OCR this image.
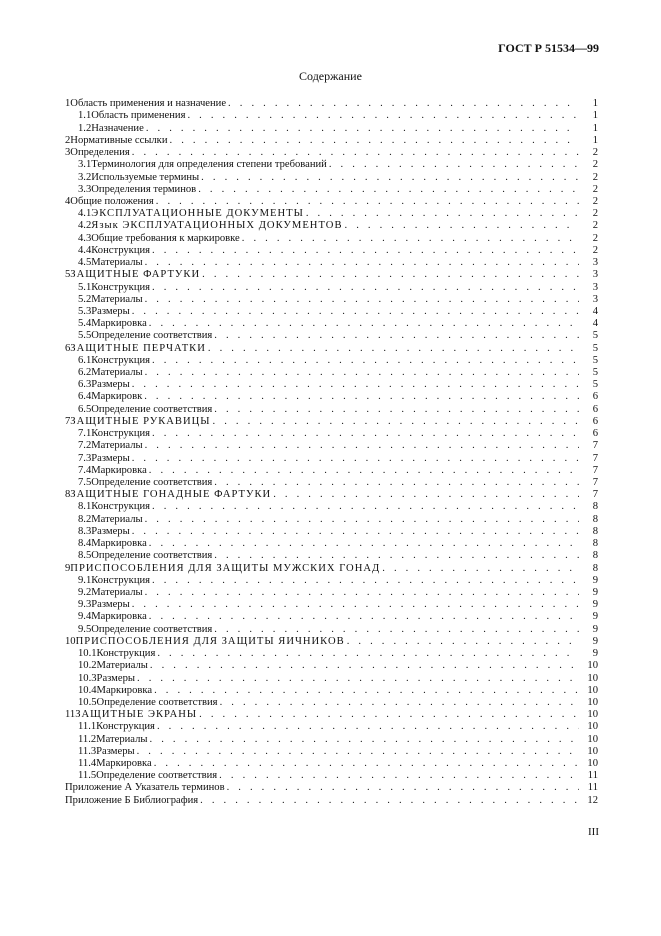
ГОСТ Р 51534—99
Содержание
1 Область применения и назначение . . .	1
1.1 Область применения . . .	1
1.2 Назначение . . .	1
2 Нормативные ссылки . . .	1
3 Определения . . .	2
3.1 Терминология для определения степени требований . . .	2
3.2 Используемые термины . . .	2
3.3 Определения терминов . . .	2
4 Общие положения . . .	2
4.1 ЭКСПЛУАТАЦИОННЫЕ ДОКУМЕНТЫ . . .	2
4.2 Язык ЭКСПЛУАТАЦИОННЫХ ДОКУМЕНТОВ . . .	2
4.3 Общие требования к маркировке . . .	2
4.4 Конструкция . . .	2
4.5 Материалы . . .	3
5 ЗАЩИТНЫЕ ФАРТУКИ . . .	3
5.1 Конструкция . . .	3
5.2 Материалы . . .	3
5.3 Размеры . . .	4
5.4 Маркировка . . .	4
5.5 Определение соответствия . . .	5
6 ЗАЩИТНЫЕ ПЕРЧАТКИ . . .	5
6.1 Конструкция . . .	5
6.2 Материалы . . .	5
6.3 Размеры . . .	5
6.4 Маркировк . . .	6
6.5 Определение соответствия . . .	6
7 ЗАЩИТНЫЕ РУКАВИЦЫ . . .	6
7.1 Конструкция . . .	6
7.2 Материалы . . .	7
7.3 Размеры . . .	7
7.4 Маркировка . . .	7
7.5 Определение соответствия . . .	7
8 ЗАЩИТНЫЕ ГОНАДНЫЕ ФАРТУКИ . . .	7
8.1 Конструкция . . .	8
8.2 Материалы . . .	8
8.3 Размеры . . .	8
8.4 Маркировка . . .	8
8.5 Определение соответствия . . .	8
9 ПРИСПОСОБЛЕНИЯ ДЛЯ ЗАЩИТЫ МУЖСКИХ ГОНАД . . .	8
9.1 Конструкция . . .	9
9.2 Материалы . . .	9
9.3 Размеры . . .	9
9.4 Маркировка . . .	9
9.5 Определение соответствия . . .	9
10 ПРИСПОСОБЛЕНИЯ ДЛЯ ЗАЩИТЫ ЯИЧНИКОВ . . .	9
10.1 Конструкция . . .	9
10.2 Материалы . . .	10
10.3 Размеры . . .	10
10.4 Маркировка . . .	10
10.5 Определение соответствия . . .	10
11 ЗАЩИТНЫЕ ЭКРАНЫ . . .	10
11.1 Конструкция . . .	10
11.2 Материалы . . .	10
11.3 Размеры . . .	10
11.4 Маркировка . . .	10
11.5 Определение соответствия . . .	11
Приложение А Указатель терминов . . .	11
Приложение Б Библиография . . .	12
III
